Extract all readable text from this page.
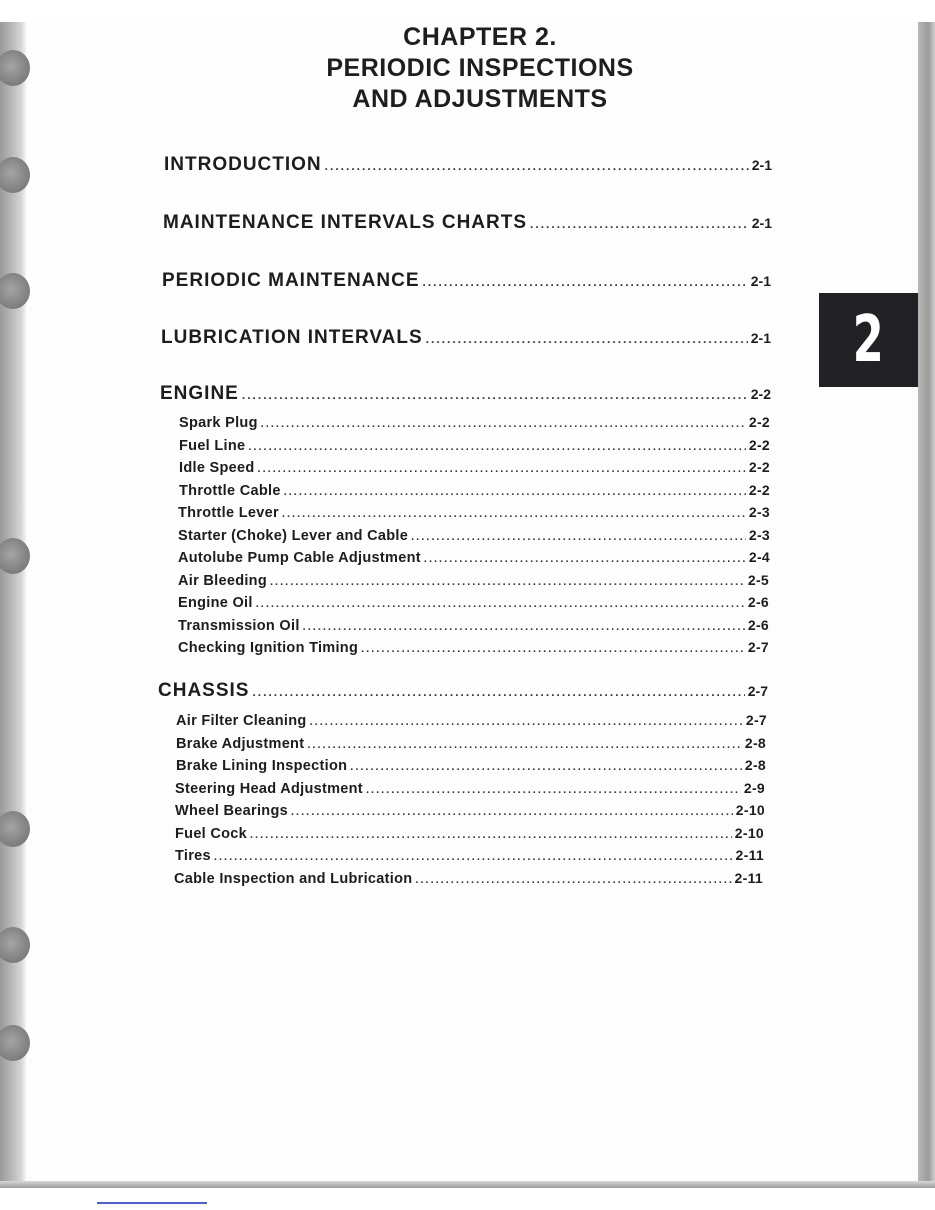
CHAPTER 2.
PERIODIC INSPECTIONS
AND ADJUSTMENTS
2
INTRODUCTION .....	2-1
MAINTENANCE INTERVALS CHARTS .....	2-1
PERIODIC MAINTENANCE .....	2-1
LUBRICATION INTERVALS .....	2-1
ENGINE .....	2-2
Spark Plug .....	2-2
Fuel Line .....	2-2
Idle Speed .....	2-2
Throttle Cable .....	2-2
Throttle Lever .....	2-3
Starter (Choke) Lever and Cable .....	2-3
Autolube Pump Cable Adjustment .....	2-4
Air Bleeding .....	2-5
Engine Oil .....	2-6
Transmission Oil .....	2-6
Checking Ignition Timing .....	2-7
CHASSIS .....	2-7
Air Filter Cleaning .....	2-7
Brake Adjustment .....	2-8
Brake Lining Inspection .....	2-8
Steering Head Adjustment .....	2-9
Wheel Bearings .....	2-10
Fuel Cock .....	2-10
Tires .....	2-11
Cable Inspection and Lubrication .....	2-11
